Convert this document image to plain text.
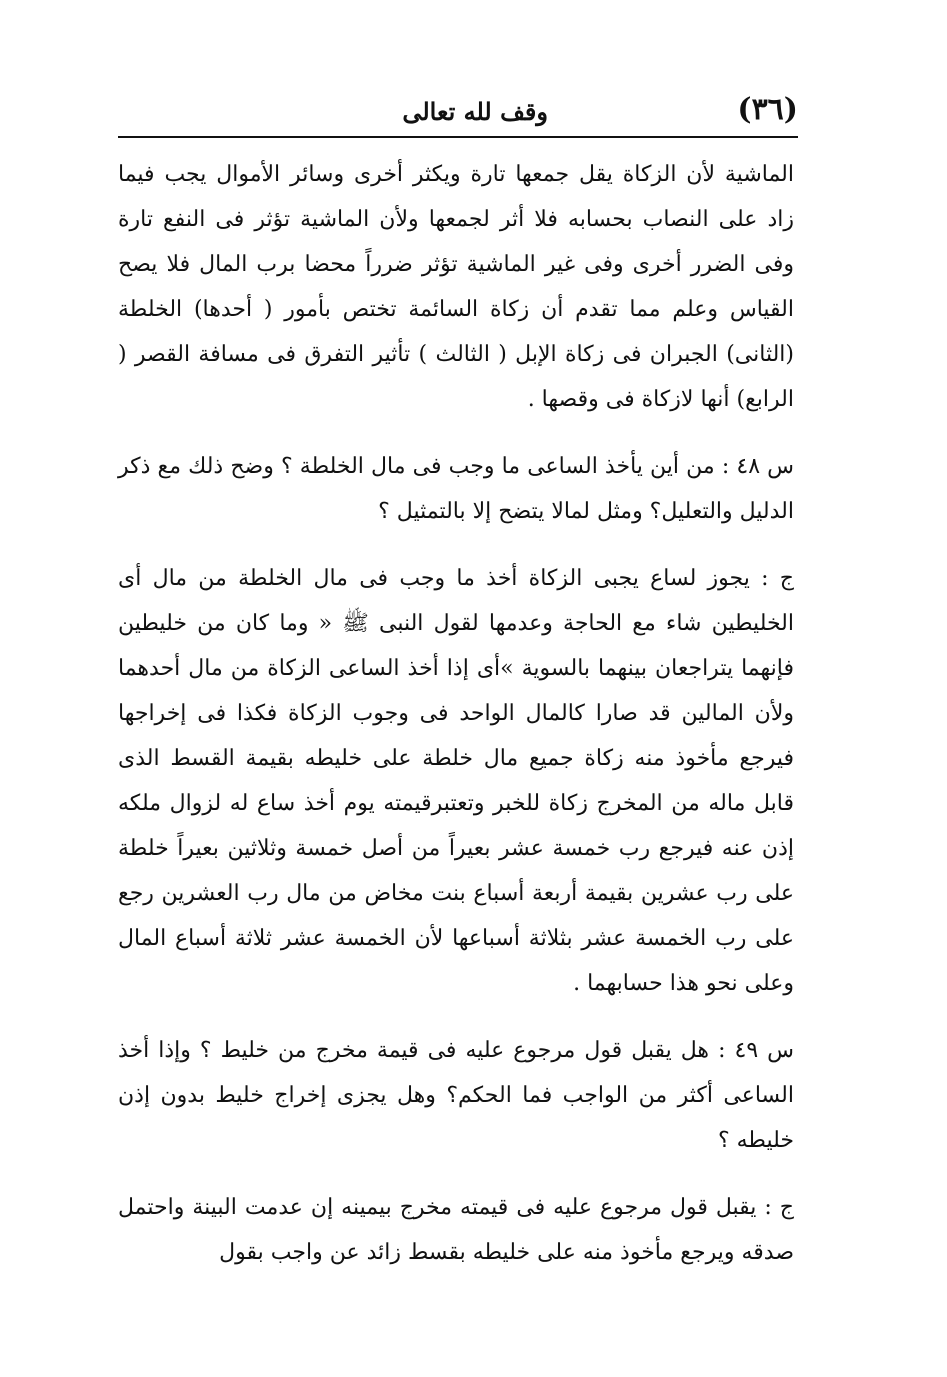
(٣٦)
وقف لله تعالى

الماشية لأن الزكاة يقل جمعها تارة ويكثر أخرى وسائر الأموال يجب فيما زاد على النصاب بحسابه فلا أثر لجمعها ولأن الماشية تؤثر فى النفع تارة وفى الضرر أخرى وفى غير الماشية تؤثر ضرراً محضا برب المال فلا يصح القياس وعلم مما تقدم أن زكاة السائمة تختص بأمور ( أحدها) الخلطة (الثانى) الجبران فى زكاة الإبل ( الثالث ) تأثير التفرق فى مسافة القصر ( الرابع) أنها لازكاة فى وقصها .

س ٤٨ : من أين يأخذ الساعى ما وجب فى مال الخلطة ؟ وضح ذلك مع ذكر الدليل والتعليل؟ ومثل لمالا يتضح إلا بالتمثيل ؟

ج : يجوز لساع يجبى الزكاة أخذ ما وجب فى مال الخلطة من مال أى الخليطين شاء مع الحاجة وعدمها لقول النبى ﷺ « وما كان من خليطين فإنهما يتراجعان بينهما بالسوية »أى إذا أخذ الساعى الزكاة من مال أحدهما ولأن المالين قد صارا كالمال الواحد فى وجوب الزكاة فكذا فى إخراجها فيرجع مأخوذ منه زكاة جميع مال خلطة على خليطه بقيمة القسط الذى قابل ماله من المخرج زكاة للخبر وتعتبرقيمته يوم أخذ ساع له لزوال ملكه إذن عنه فيرجع رب خمسة عشر بعيراً من أصل خمسة وثلاثين بعيراً خلطة على رب عشرين بقيمة أربعة أسباع بنت مخاض من مال رب العشرين رجع على رب الخمسة عشر بثلاثة أسباعها لأن الخمسة عشر ثلاثة أسباع المال وعلى نحو هذا حسابهما .

س ٤٩ : هل يقبل قول مرجوع عليه فى قيمة مخرج من خليط ؟ وإذا أخذ الساعى أكثر من الواجب فما الحكم؟ وهل يجزى إخراج خليط بدون إذن خليطه ؟

ج : يقبل قول مرجوع عليه فى قيمته مخرج بيمينه إن عدمت البينة واحتمل صدقه ويرجع مأخوذ منه على خليطه بقسط زائد عن واجب بقول
